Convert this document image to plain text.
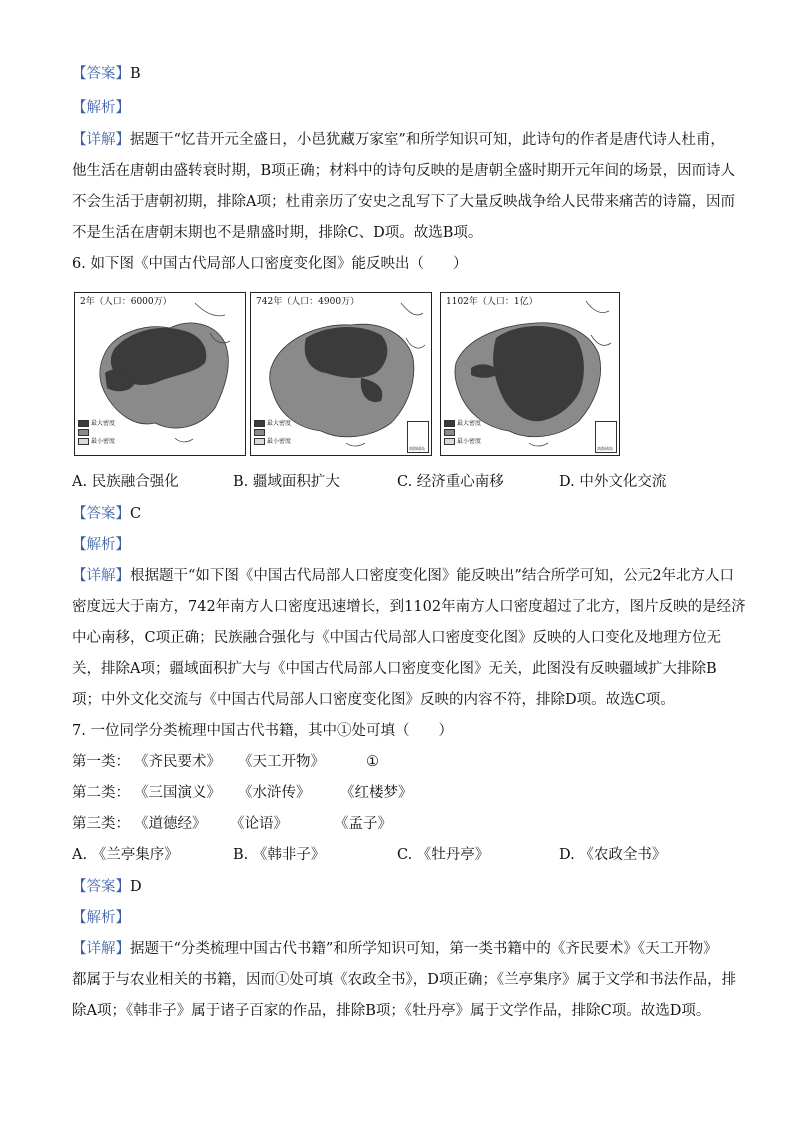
【答案】B
【解析】
【详解】据题干“忆昔开元全盛日，小邑犹藏万家室”和所学知识可知，此诗句的作者是唐代诗人杜甫，
他生活在唐朝由盛转衰时期，B项正确；材料中的诗句反映的是唐朝全盛时期开元年间的场景，因而诗人
不会生活于唐朝初期，排除A项；杜甫亲历了安史之乱写下了大量反映战争给人民带来痛苦的诗篇，因而
不是生活在唐朝末期也不是鼎盛时期，排除C、D项。故选B项。
6. 如下图《中国古代局部人口密度变化图》能反映出（　　）
2年（人口：6000万）
最大密度
最小密度
742年（人口：4900万）
最大密度
最小密度
南海诸岛
1102年（人口：1亿）
最大密度
最小密度
南海诸岛
A. 民族融合强化	B. 疆域面积扩大	C. 经济重心南移	D. 中外文化交流
【答案】C
【解析】
【详解】根据题干“如下图《中国古代局部人口密度变化图》能反映出”结合所学可知，公元2年北方人口
密度远大于南方，742年南方人口密度迅速增长，到1102年南方人口密度超过了北方，图片反映的是经济
中心南移，C项正确；民族融合强化与《中国古代局部人口密度变化图》反映的人口变化及地理方位无
关，排除A项；疆域面积扩大与《中国古代局部人口密度变化图》无关，此图没有反映疆域扩大排除B
项；中外文化交流与《中国古代局部人口密度变化图》反映的内容不符，排除D项。故选C项。
7. 一位同学分类梳理中国古代书籍，其中①处可填（　　）
第一类： 《齐民要术》 《天工开物》	①
第二类： 《三国演义》 《水浒传》 《红楼梦》
第三类： 《道德经》 《论语》	《孟子》
A. 《兰亭集序》	B. 《韩非子》	C. 《牡丹亭》	D. 《农政全书》
【答案】D
【解析】
【详解】据题干“分类梳理中国古代书籍”和所学知识可知，第一类书籍中的《齐民要术》《天工开物》
都属于与农业相关的书籍，因而①处可填《农政全书》，D项正确；《兰亭集序》属于文学和书法作品，排
除A项；《韩非子》属于诸子百家的作品，排除B项；《牡丹亭》属于文学作品，排除C项。故选D项。
